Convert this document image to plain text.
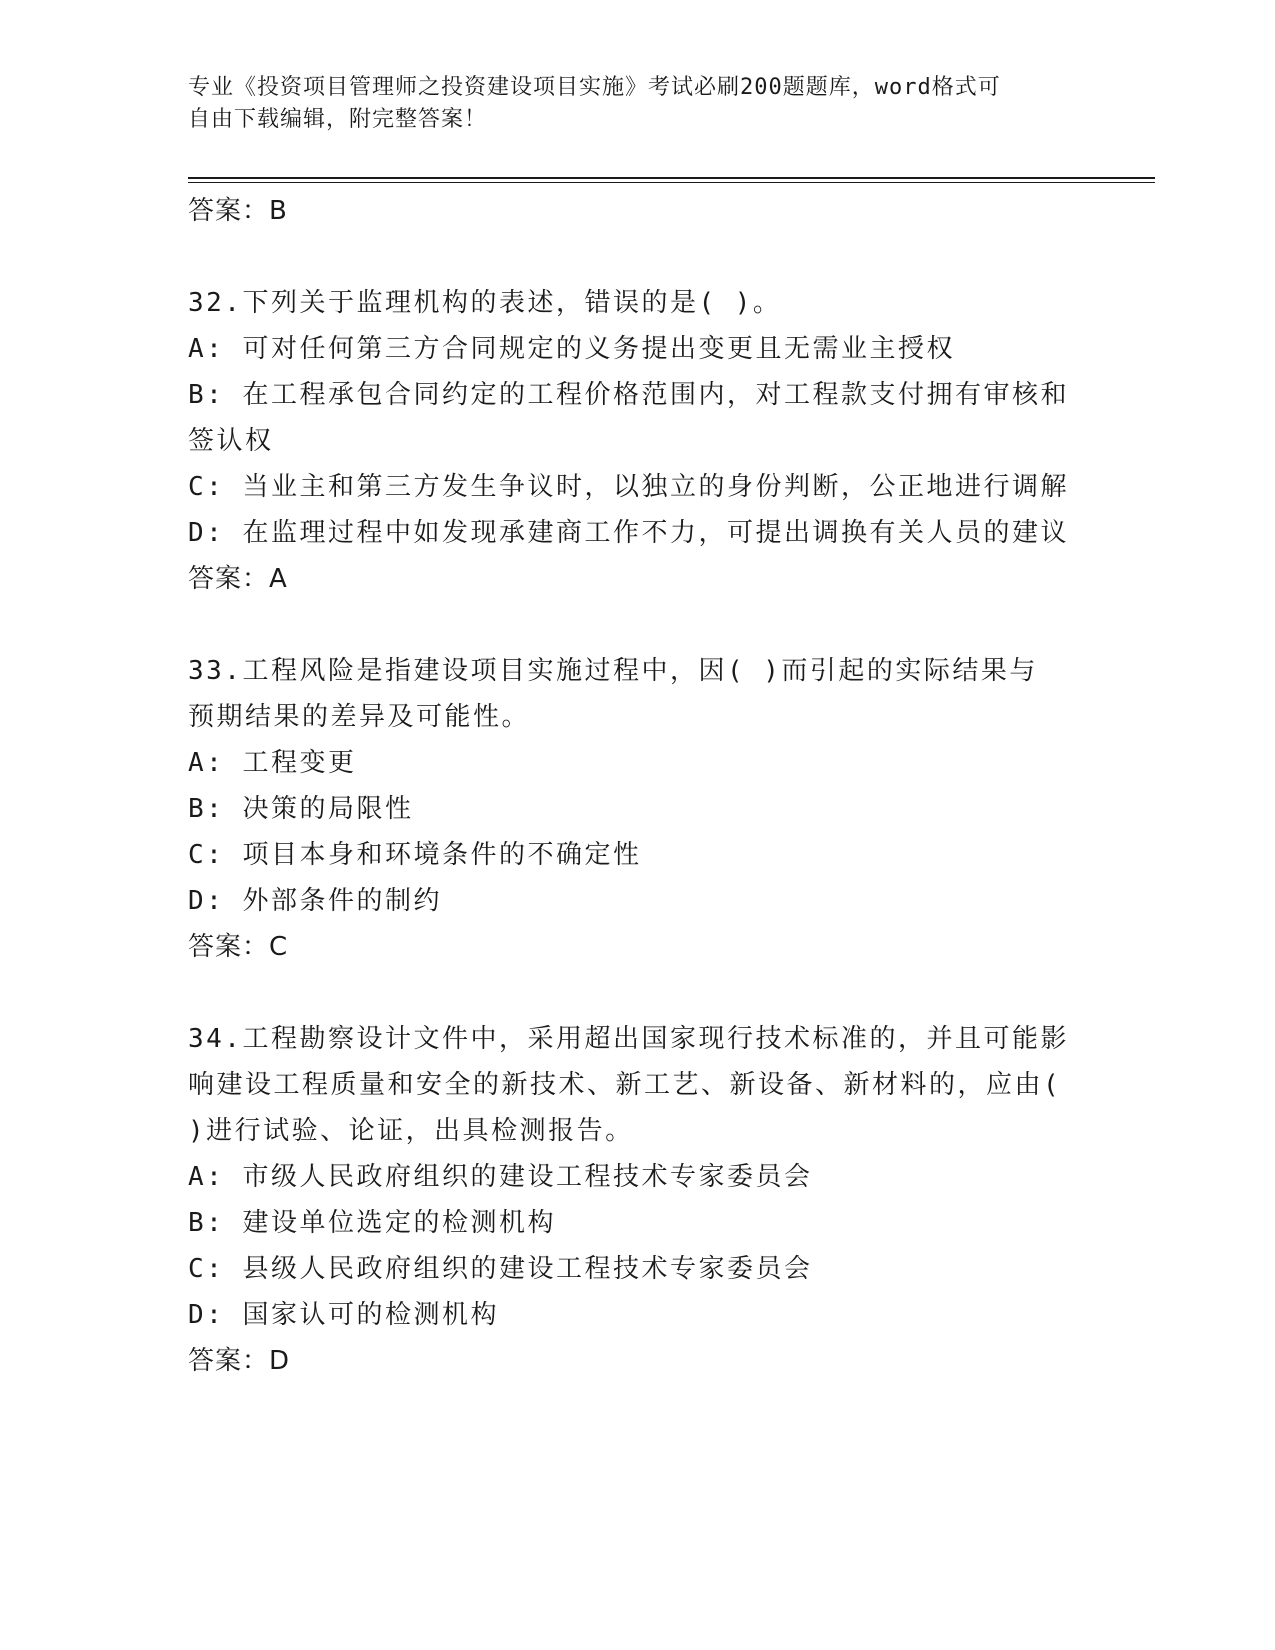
专业《投资项目管理师之投资建设项目实施》考试必刷200题题库，word格式可
自由下载编辑，附完整答案！

答案：B

32.下列关于监理机构的表述，错误的是( )。

A: 可对任何第三方合同规定的义务提出变更且无需业主授权

B: 在工程承包合同约定的工程价格范围内，对工程款支付拥有审核和

签认权

C: 当业主和第三方发生争议时，以独立的身份判断，公正地进行调解

D: 在监理过程中如发现承建商工作不力，可提出调换有关人员的建议

答案：A

33.工程风险是指建设项目实施过程中，因( )而引起的实际结果与

预期结果的差异及可能性。

A: 工程变更

B: 决策的局限性

C: 项目本身和环境条件的不确定性

D: 外部条件的制约

答案：C

34.工程勘察设计文件中，采用超出国家现行技术标准的，并且可能影

响建设工程质量和安全的新技术、新工艺、新设备、新材料的，应由(

)进行试验、论证，出具检测报告。

A: 市级人民政府组织的建设工程技术专家委员会

B: 建设单位选定的检测机构

C: 县级人民政府组织的建设工程技术专家委员会

D: 国家认可的检测机构

答案：D
